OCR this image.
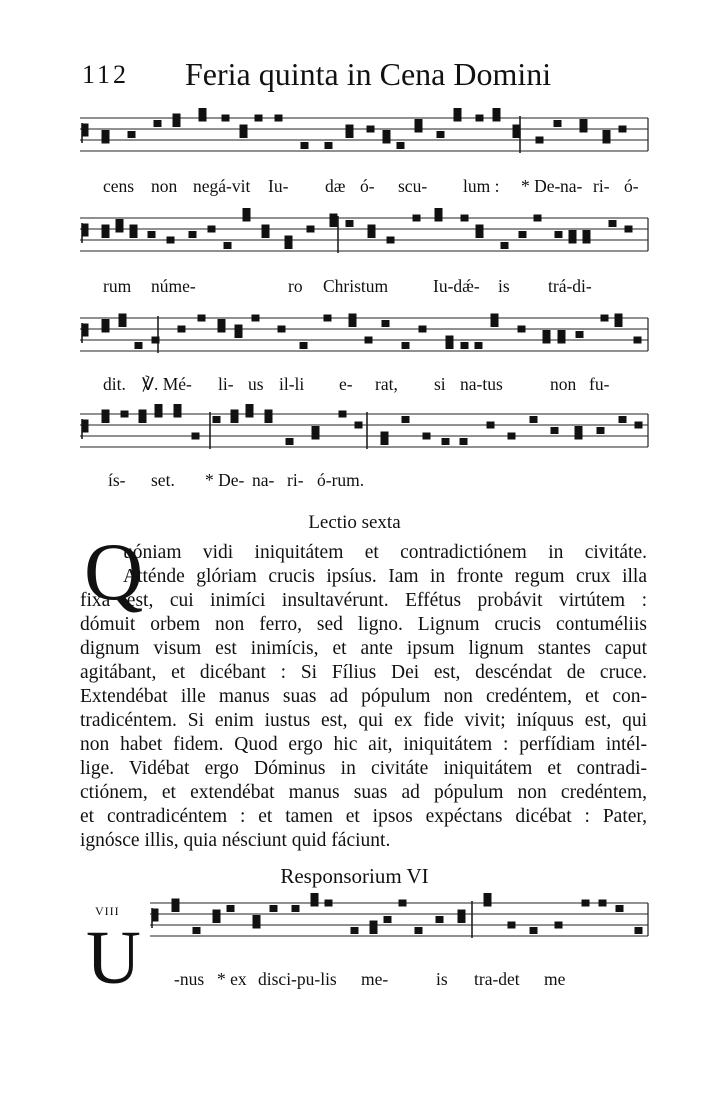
112 Feria quinta in Cena Domini
cens non negá-vit Iu- dæ ó- scu- lum : * De- na- ri- ó-
rum núme-	ro Christum	Iu-dǽ- is trá-di-
dit. ℣. Mé- li- us il-li e- rat, si na-tus	non fu-
ís- set. * De- na- ri- ó-rum.
Lectio sexta
Q
uóniam vidi iniquitátem et contradictiónem in civitáte.
Atténde glóriam crucis ipsíus. Iam in fronte regum crux illa
fixa est, cui inimíci insultavérunt. Effétus probávit virtútem :
dómuit orbem non ferro, sed ligno. Lignum crucis contuméliis
dignum visum est inimícis, et ante ipsum lignum stantes caput
agitábant, et dicébant : Si Fílius Dei est, descéndat de cruce.
Extendébat ille manus suas ad pópulum non credéntem, et con-
tradicéntem. Si enim iustus est, qui ex fide vivit; iníquus est, qui
non habet fidem. Quod ergo hic ait, iniquitátem : perfídiam intél-
lige. Vidébat ergo Dóminus in civitáte iniquitátem et contradi-
ctiónem, et extendébat manus suas ad pópulum non credéntem,
et contradicéntem : et tamen et ipsos expéctans dicébat : Pater,
ignósce illis, quia nésciunt quid fáciunt.
Responsorium VI
VIII
U -nus * ex disci-pu-lis me-	is tra-det me
